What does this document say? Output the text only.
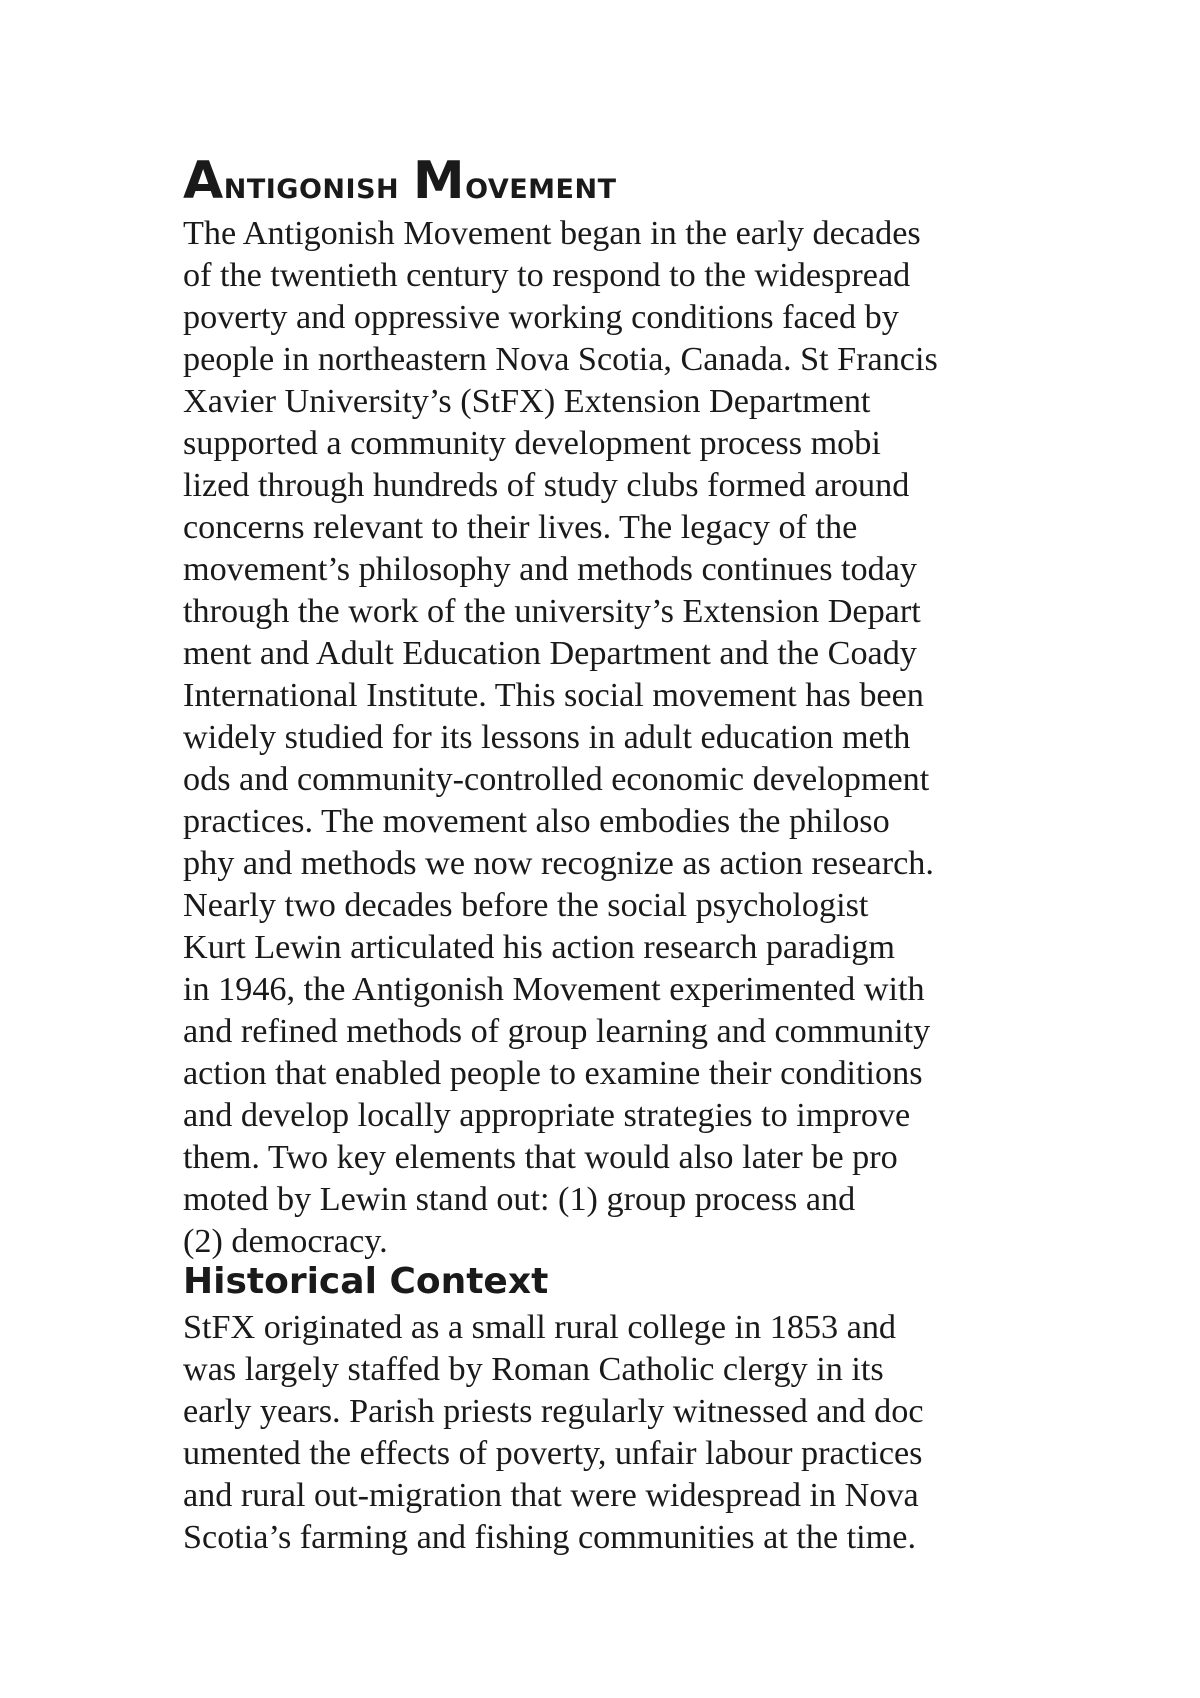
Antigonish Movement
The Antigonish Movement began in the early decades
of the twentieth century to respond to the widespread
poverty and oppressive working conditions faced by
people in northeastern Nova Scotia, Canada. St Francis
Xavier University’s (StFX) Extension Department
supported a community development process mobi
lized through hundreds of study clubs formed around
concerns relevant to their lives. The legacy of the
movement’s philosophy and methods continues today
through the work of the university’s Extension Depart
ment and Adult Education Department and the Coady
International Institute. This social movement has been
widely studied for its lessons in adult education meth
ods and community-controlled economic development
practices. The movement also embodies the philoso
phy and methods we now recognize as action research.
Nearly two decades before the social psychologist
Kurt Lewin articulated his action research paradigm
in 1946, the Antigonish Movement experimented with
and refined methods of group learning and community
action that enabled people to examine their conditions
and develop locally appropriate strategies to improve
them. Two key elements that would also later be pro
moted by Lewin stand out: (1) group process and
(2) democracy.
Historical Context
StFX originated as a small rural college in 1853 and
was largely staffed by Roman Catholic clergy in its
early years. Parish priests regularly witnessed and doc
umented the effects of poverty, unfair labour practices
and rural out-migration that were widespread in Nova
Scotia’s farming and fishing communities at the time.
